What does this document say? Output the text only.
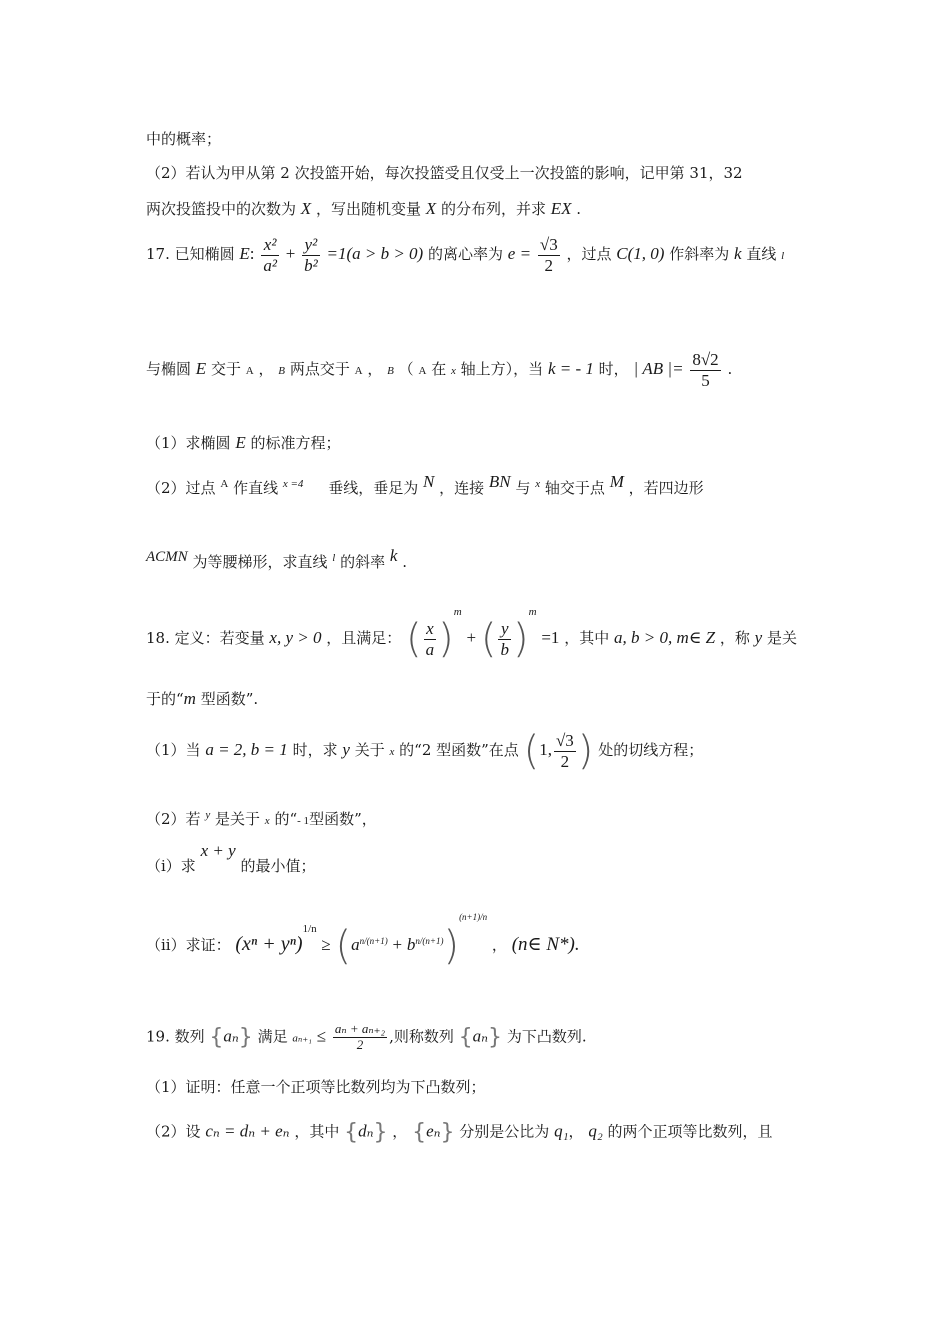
中的概率；
（2）若认为甲从第 2 次投篮开始，每次投篮受且仅受上一次投篮的影响，记甲第 31，32
两次投篮投中的次数为 X ，写出随机变量 X 的分布列，并求 EX .
17. 已知椭圆 E: $\frac{\text{x²}}{\text{a²}} + \frac{\text{y²}}{\text{b²}} =1(a > b > 0)$ 的离心率为 $e = \frac{√3}{2}$ ，过点 C(1, 0) 作斜率为 k 直线 l
与椭圆 E 交于 A ， B 两点交于 A ， B （ A 在 x 轴上方），当 k = - 1 时， | AB |= $\frac{8√2}{5}$ .
（1）求椭圆 E 的标准方程；
（2）过点 $^A$ 作直线 $^{x =4}$ 垂线，垂足为 N ，连接 BN 与 $^x$ 轴交于点 M ，若四边形
ACMN 为等腰梯形，求直线 $^l$ 的斜率 k .
18. 定义：若变量 x, y > 0 ，且满足： ( $\frac{x}{a} )^m$ + ( $\frac{y}{b} )^m =1$ ，其中 a, b > 0, m∈ Z ，称 y 是关
于的“m 型函数”.
（1）当 a = 2, b = 1 时，求 y 关于 x 的“2 型函数”在点 (1, $\frac{√3}{2}$ ) 处的切线方程；
（2）若 $^y$ 是关于 x 的“- 1型函数”，
（i）求 x + y 的最小值；
（ii）求证： $(x^n + y^n)^{1/n} \ge (a^{n/(n+1)} + b^{n/(n+1)})^{(n+1)/n}$ ， (n∈ N*).
19. 数列 {aₙ} 满足 $a_{n+1} \le \frac{\text{aₙ + aₙ₊₂}}{2}$ ,则称数列 {aₙ} 为下凸数列.
（1）证明：任意一个正项等比数列均为下凸数列；
（2）设 cₙ = dₙ + eₙ ，其中 {dₙ} ， {eₙ} 分别是公比为 q₁， q₂ 的两个正项等比数列，且
